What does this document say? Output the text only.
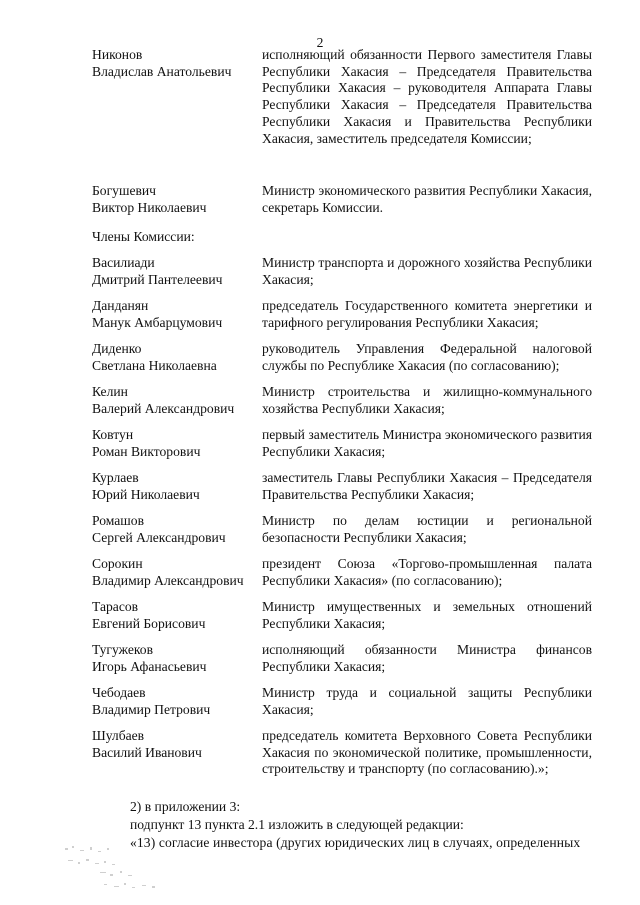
2
Никонов
Владислав Анатольевич
исполняющий обязанности Первого заместителя Главы Республики Хакасия – Председателя Правительства Республики Хакасия – руководителя Аппарата Главы Республики Хакасия – Председателя Правительства Республики Хакасия и Правительства Республики Хакасия, заместитель председателя Комиссии;
Богушевич
Виктор Николаевич
Министр экономического развития Республики Хакасия, секретарь Комиссии.
Члены Комиссии:
Василиади
Дмитрий Пантелеевич
Министр транспорта и дорожного хозяйства Республики Хакасия;
Данданян
Манук Амбарцумович
председатель Государственного комитета энергетики и тарифного регулирования Республики Хакасия;
Диденко
Светлана Николаевна
руководитель Управления Федеральной налоговой службы по Республике Хакасия (по согласованию);
Келин
Валерий Александрович
Министр строительства и жилищно-коммунального хозяйства Республики Хакасия;
Ковтун
Роман Викторович
первый заместитель Министра экономического развития Республики Хакасия;
Курлаев
Юрий Николаевич
заместитель Главы Республики Хакасия – Председателя Правительства Республики Хакасия;
Ромашов
Сергей Александрович
Министр по делам юстиции и региональной безопасности Республики Хакасия;
Сорокин
Владимир Александрович
президент Союза «Торгово-промышленная палата Республики Хакасия» (по согласованию);
Тарасов
Евгений Борисович
Министр имущественных и земельных отношений Республики Хакасия;
Тугужеков
Игорь Афанасьевич
исполняющий обязанности Министра финансов Республики Хакасия;
Чебодаев
Владимир Петрович
Министр труда и социальной защиты Республики Хакасия;
Шулбаев
Василий Иванович
председатель комитета Верховного Совета Республики Хакасия по экономической политике, промышленности, строительству и транспорту (по согласованию).»;
2) в приложении 3:
подпункт 13 пункта 2.1 изложить в следующей редакции:
«13) согласие инвестора (других юридических лиц в случаях, определенных
